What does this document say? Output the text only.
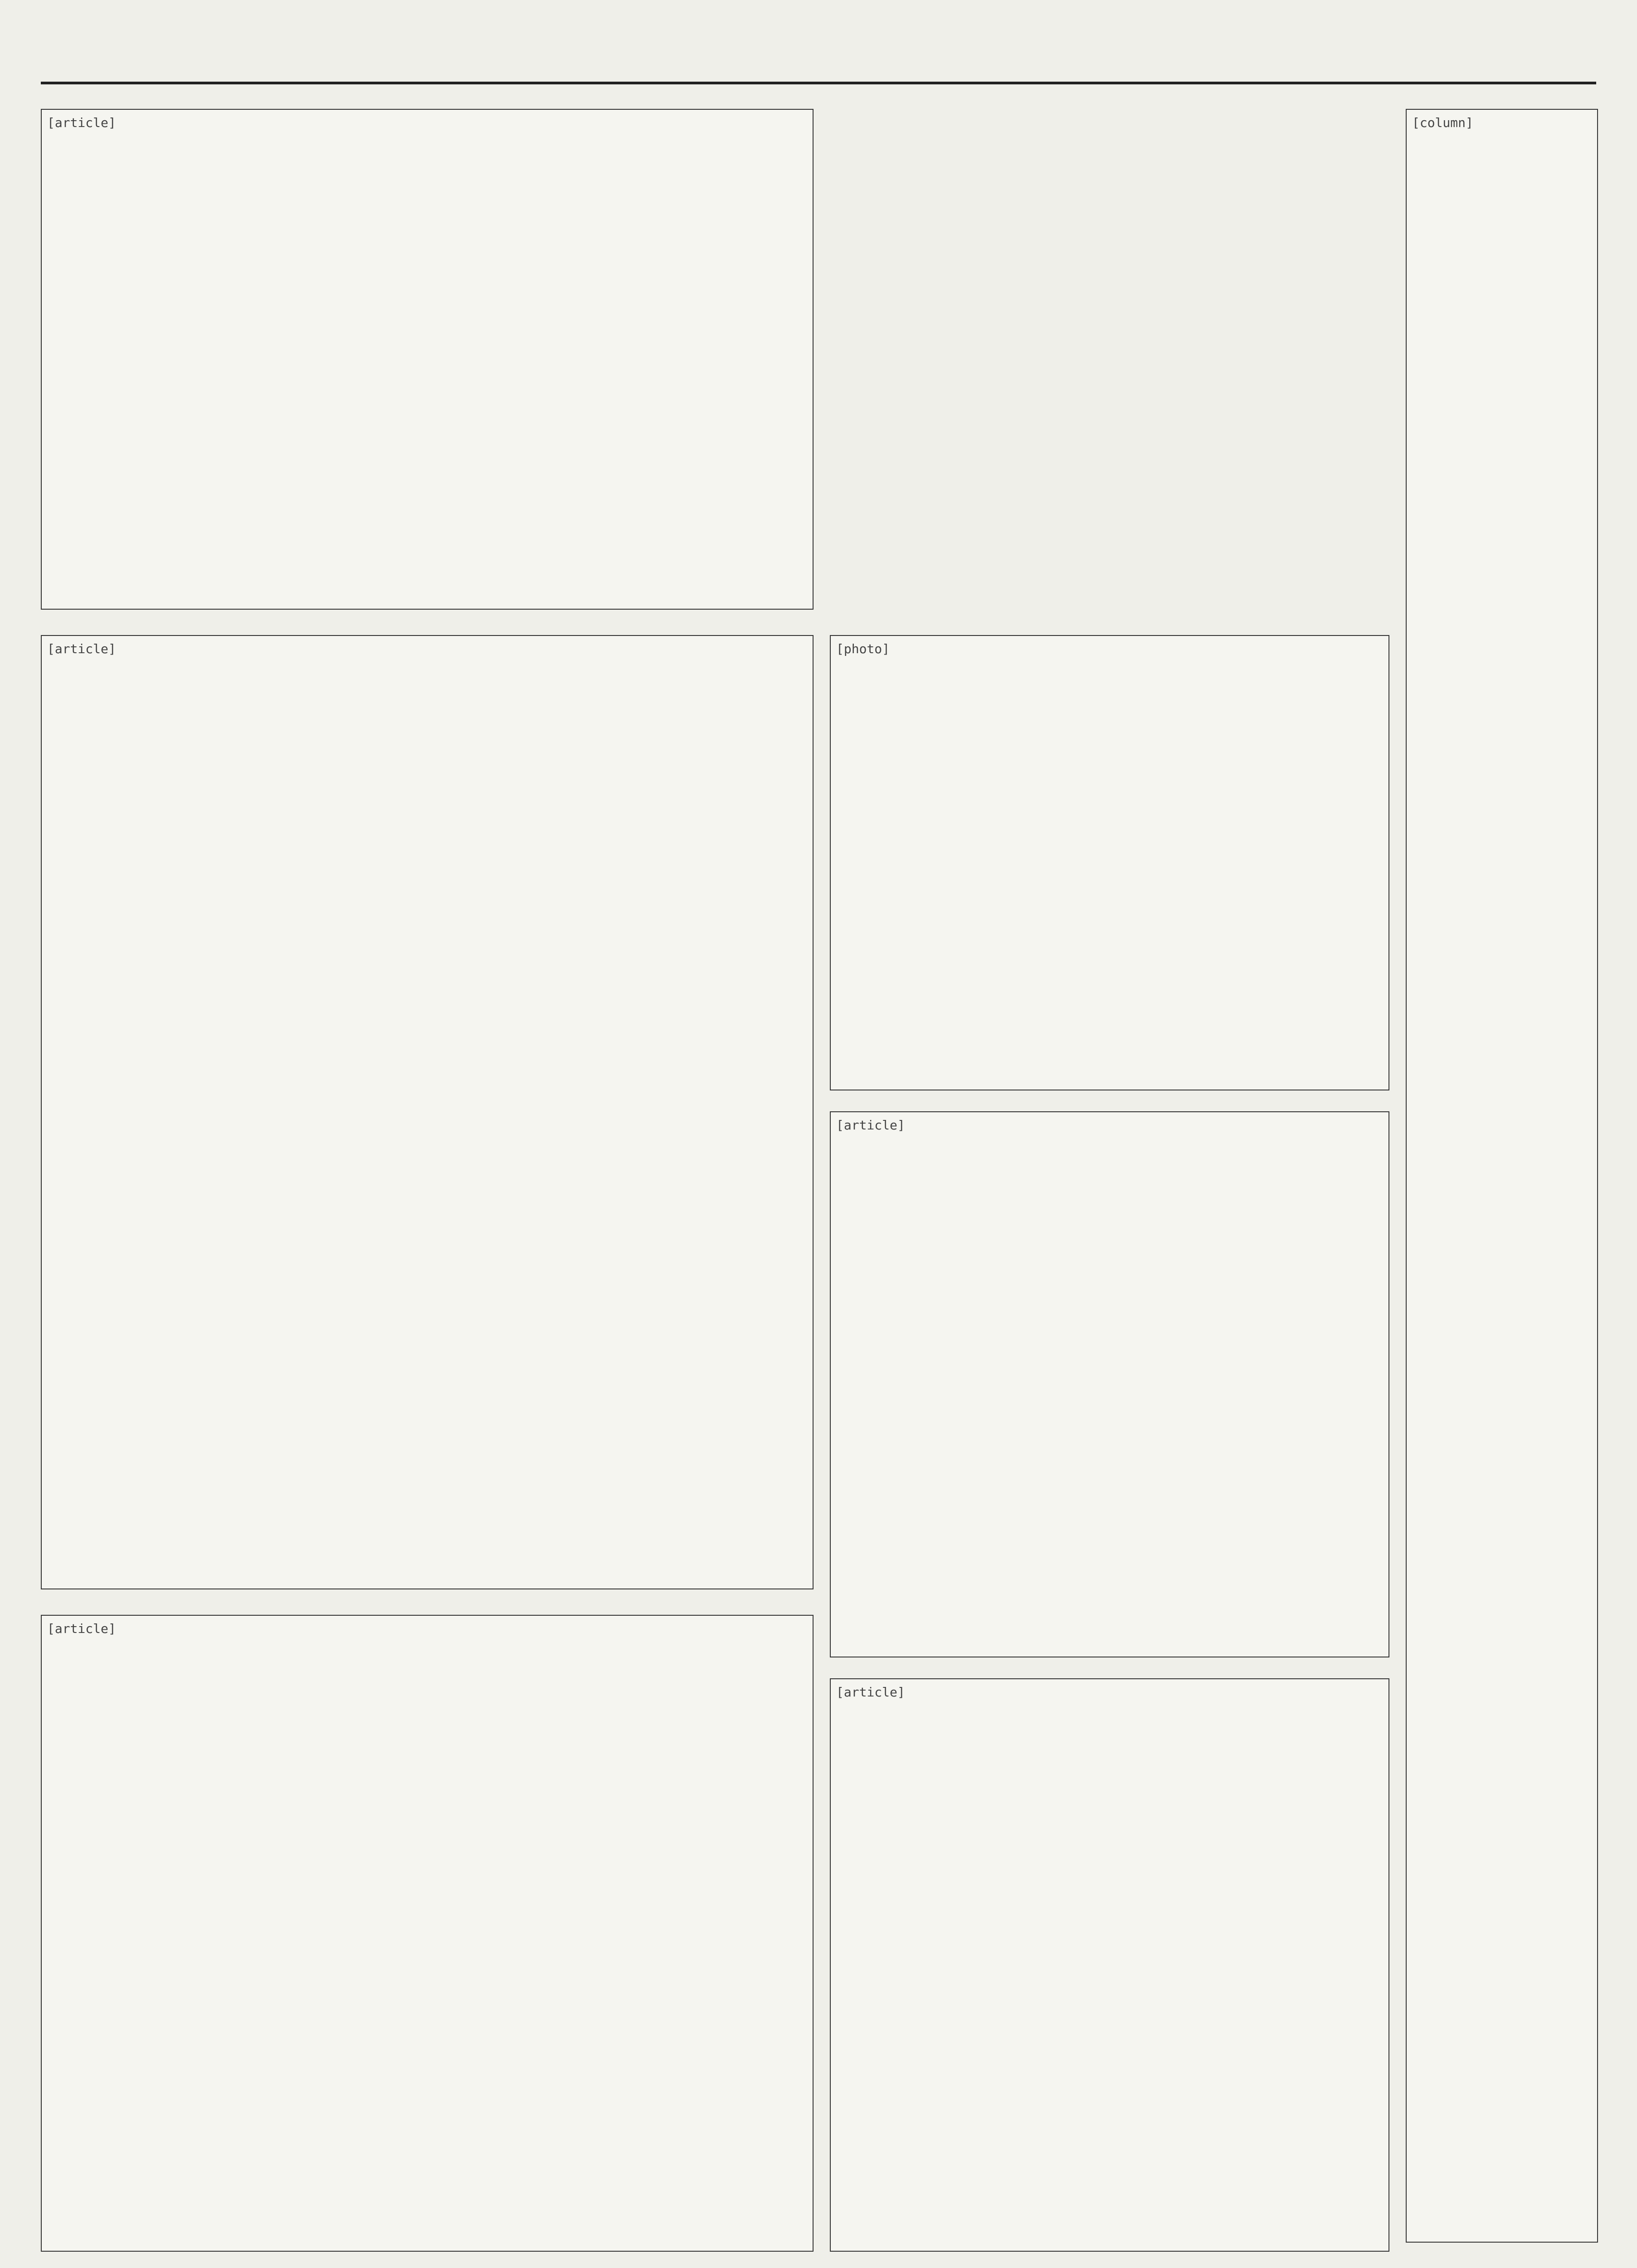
[article]	[column]
[article]	[photo]
[article]
[article]
[article]
